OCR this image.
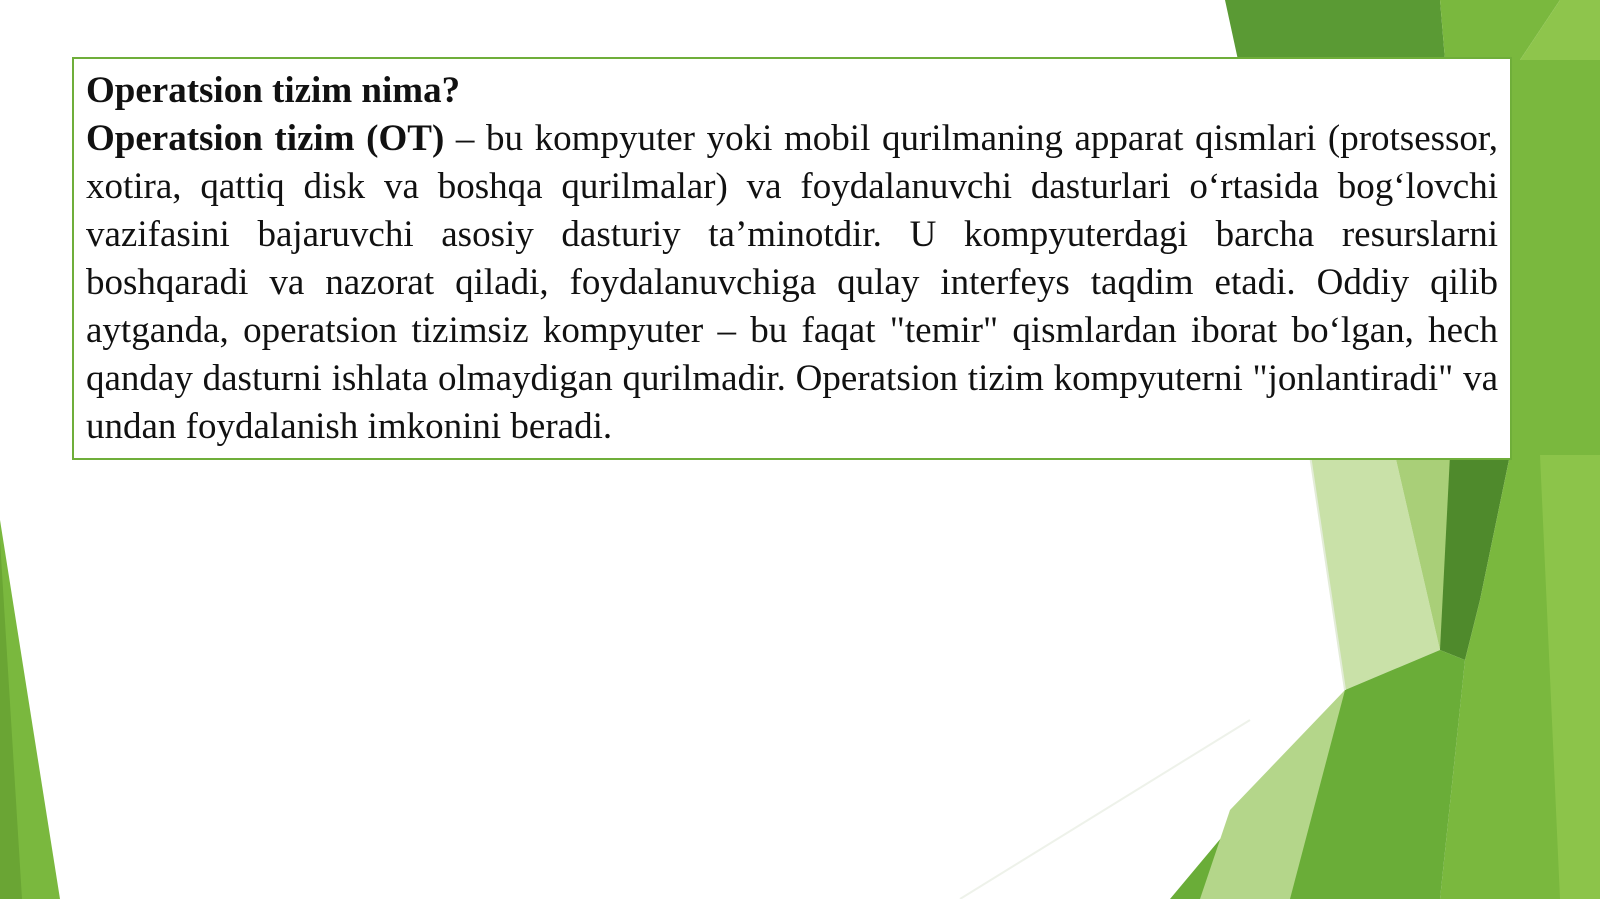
Operatsion tizim nima?

Operatsion tizim (OT) – bu kompyuter yoki mobil qurilmaning apparat qismlari (protsessor, xotira, qattiq disk va boshqa qurilmalar) va foydalanuvchi dasturlari o‘rtasida bog‘lovchi vazifasini bajaruvchi asosiy dasturiy ta’minotdir. U kompyuterdagi barcha resurslarni boshqaradi va nazorat qiladi, foydalanuvchiga qulay interfeys taqdim etadi. Oddiy qilib aytganda, operatsion tizimsiz kompyuter – bu faqat "temir" qismlardan iborat bo‘lgan, hech qanday dasturni ishlata olmaydigan qurilmadir. Operatsion tizim kompyuterni "jonlantiradi" va undan foydalanish imkonini beradi.
